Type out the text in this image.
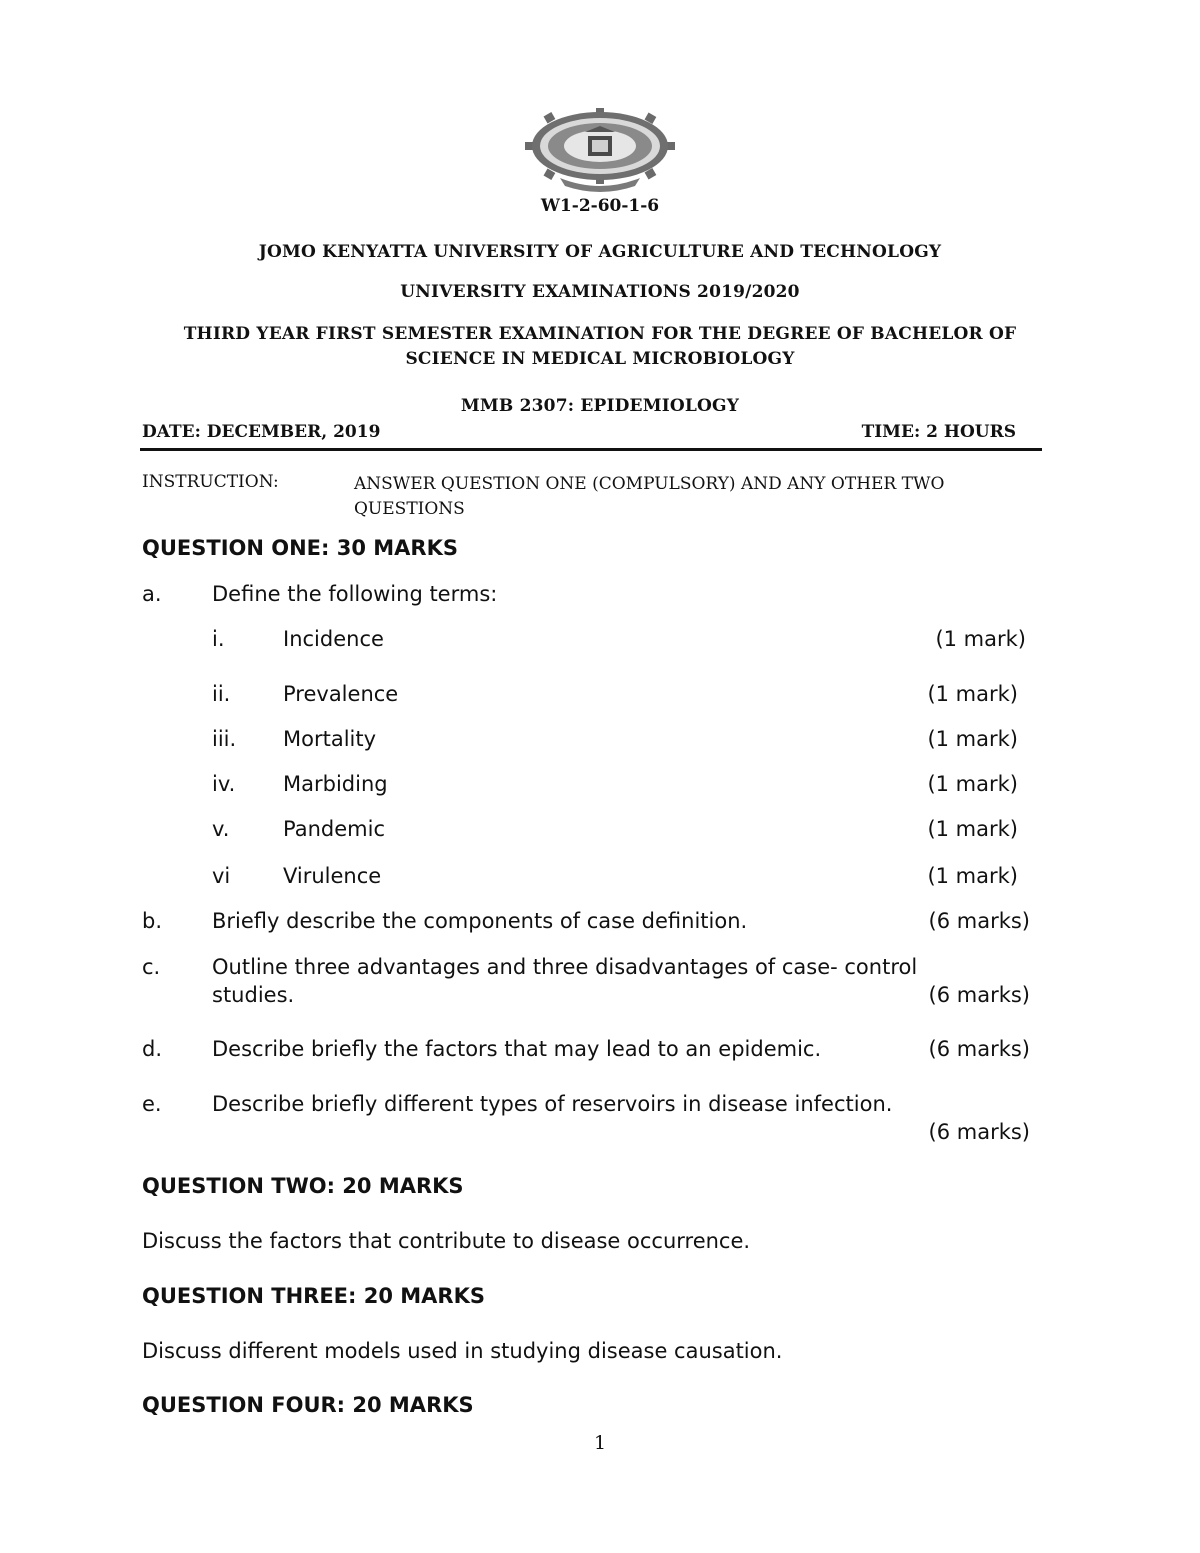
W1-2-60-1-6
JOMO KENYATTA UNIVERSITY OF AGRICULTURE AND TECHNOLOGY
UNIVERSITY EXAMINATIONS 2019/2020
THIRD YEAR FIRST SEMESTER EXAMINATION FOR THE DEGREE OF BACHELOR OF
SCIENCE IN MEDICAL MICROBIOLOGY
MMB 2307: EPIDEMIOLOGY
DATE: DECEMBER, 2019	TIME: 2 HOURS
INSTRUCTION:	ANSWER QUESTION ONE (COMPULSORY) AND ANY OTHER TWO QUESTIONS
QUESTION ONE: 30 MARKS
a. Define the following terms:
i.	Incidence	(1 mark)
ii.	Prevalence	(1 mark)
iii. Mortality	(1 mark)
iv. Marbiding	(1 mark)
v.	Pandemic	(1 mark)
vi	Virulence	(1 mark)
b. Briefly describe the components of case definition.	(6 marks)
c. Outline three advantages and three disadvantages of case- control
studies.	(6 marks)
d. Describe briefly the factors that may lead to an epidemic.	(6 marks)
e. Describe briefly different types of reservoirs in disease infection.
(6 marks)
QUESTION TWO: 20 MARKS
Discuss the factors that contribute to disease occurrence.
QUESTION THREE: 20 MARKS
Discuss different models used in studying disease causation.
QUESTION FOUR: 20 MARKS
1
